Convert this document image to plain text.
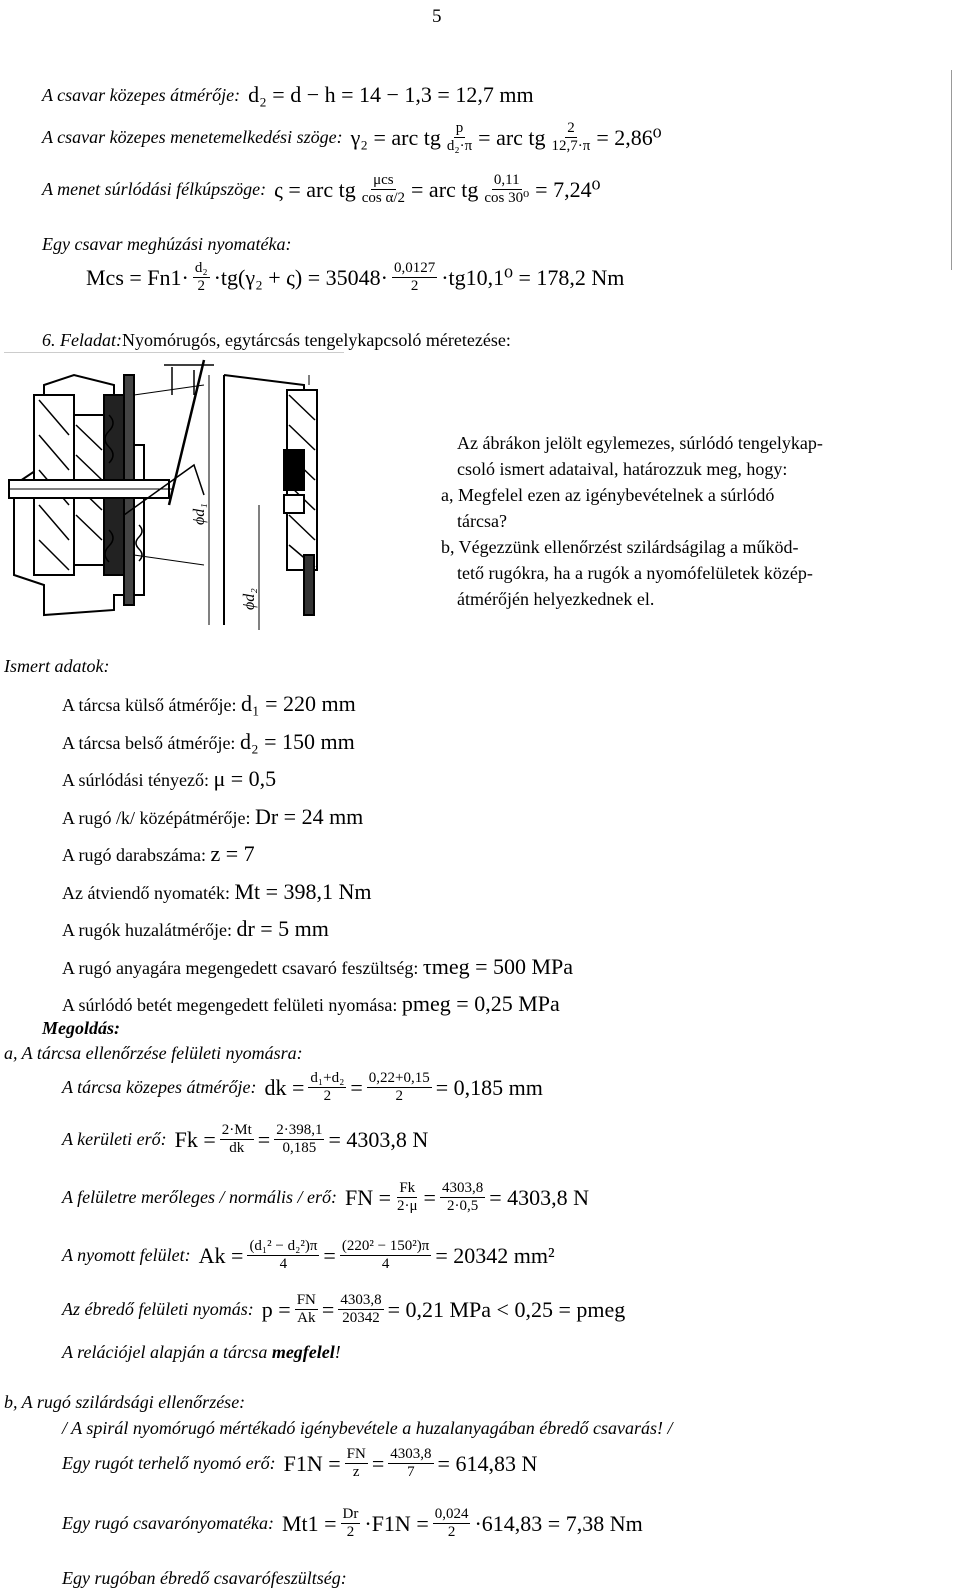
5
A csavar közepes átmérője: d₂ = d − h = 14 − 1,3 = 12,7 mm
A csavar közepes menetemelkedési szöge: γ₂ = arc tg $\frac{p}{\text{d₂·π}}$ = arc tg $\frac{2}{12,7\cdot\pi} = 2,86^0$
A menet súrlódási félkúpszöge: ς = arc tg $\frac{\text{μcs}}{\text{cos α/2}}$ = arc tg $\frac{0,11}{\text{cos 30⁰}} = 7,24^0$
Egy csavar meghúzási nyomatéka:
Mcs = $Fn1\cdot \frac{\text{d₂}}{2} \cdot tg(\gamma_2 + \varsigma) = 35048\cdot \frac{0,0127}{2} \cdot tg10,1^0 = 178,2$ Nm
6. Feladat:Nyomórugós, egytárcsás tengelykapcsoló méretezése:
ϕd₁
ϕd₂
Az ábrákon jelölt egylemezes, súrlódó tengelykap-
csoló ismert adataival, határozzuk meg, hogy:
a, Megfelel ezen az igénybevételnek a súrlódó
tárcsa?
b, Végezzünk ellenőrzést szilárdságilag a működ-
tető rugókra, ha a rugók a nyomófelületek közép-
átmérőjén helyezkednek el.
Ismert adatok:
A tárcsa külső átmérője: d₁ = 220 mm
A tárcsa belső átmérője: d₂ = 150 mm
A súrlódási tényező: μ = 0,5
A rugó /k/ középátmérője: Dr = 24 mm
A rugó darabszáma: z = 7
Az átviendő nyomaték: Mt = 398,1 Nm
A rugók huzalátmérője: dr = 5 mm
A rugó anyagára megengedett csavaró feszültség: τmeg = 500 MPa
A súrlódó betét megengedett felületi nyomása: pmeg = 0,25 MPa
Megoldás:
a, A tárcsa ellenőrzése felületi nyomásra:
A tárcsa közepes átmérője: dk = $\frac{\text{d₁+d₂}}{2} = \frac{0,22+0,15}{2} = 0,185$ mm
A kerületi erő: $Fk = \frac{2\cdot Mt}{dk} = \frac{2\cdot 398,1}{0,185} = 4303,8$ N
A felületre merőleges / normális / erő: FN = $\frac{Fk}{2\cdot\mu} = \frac{4303,8}{2\cdot 0,5} = 4303,8$ N
A nyomott felület: $Ak = \frac{\text{(d₁² − d₂²)π}}{4} = \frac{\text{(220² − 150²)π}}{4} = 20342$ mm²
Az ébredő felületi nyomás: $p = \frac{FN}{Ak} = \frac{4303,8}{20342} = 0,21$ MPa < 0,25 = pmeg
A relációjel alapján a tárcsa megfelel!
b, A rugó szilárdsági ellenőrzése:
/ A spirál nyomórugó mértékadó igénybevétele a huzalanyagában ébredő csavarás! /
Egy rugót terhelő nyomó erő: $F1N = \frac{FN}{z} = \frac{4303,8}{7} = 614,83$ N
Egy rugó csavarónyomatéka: $Mt1 = \frac{Dr}{2} \cdot F1N = \frac{0,024}{2} \cdot 614,83 = 7,38$ Nm
Egy rugóban ébredő csavarófeszültség:
